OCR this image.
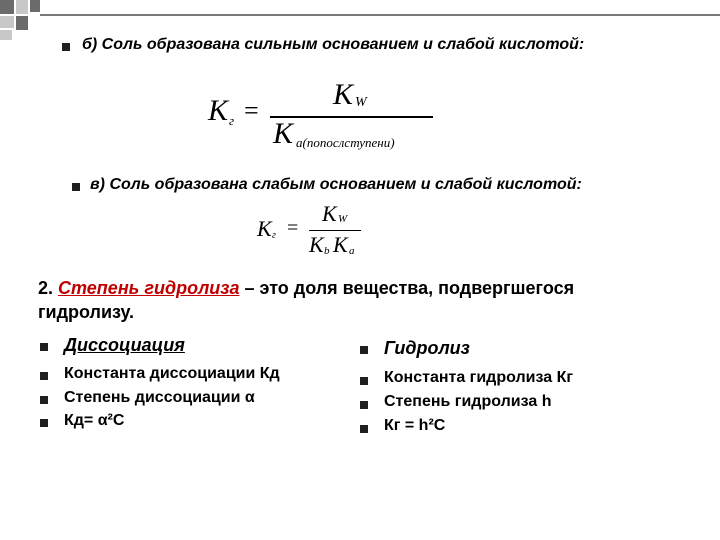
б) Соль образована сильным основанием и слабой кислотой:
K г = K W
K а(попослступени)
в) Соль образована слабым основанием и слабой кислотой:
K г =
K W
K b K a
2. Степень гидролиза – это доля вещества, подвергшегося
гидролизу.
Диссоциация
Константа диссоциации Кд
Степень диссоциации α
Кд= α²С
Гидролиз
Константа гидролиза Кг
Степень гидролиза h
Кг = h²С
